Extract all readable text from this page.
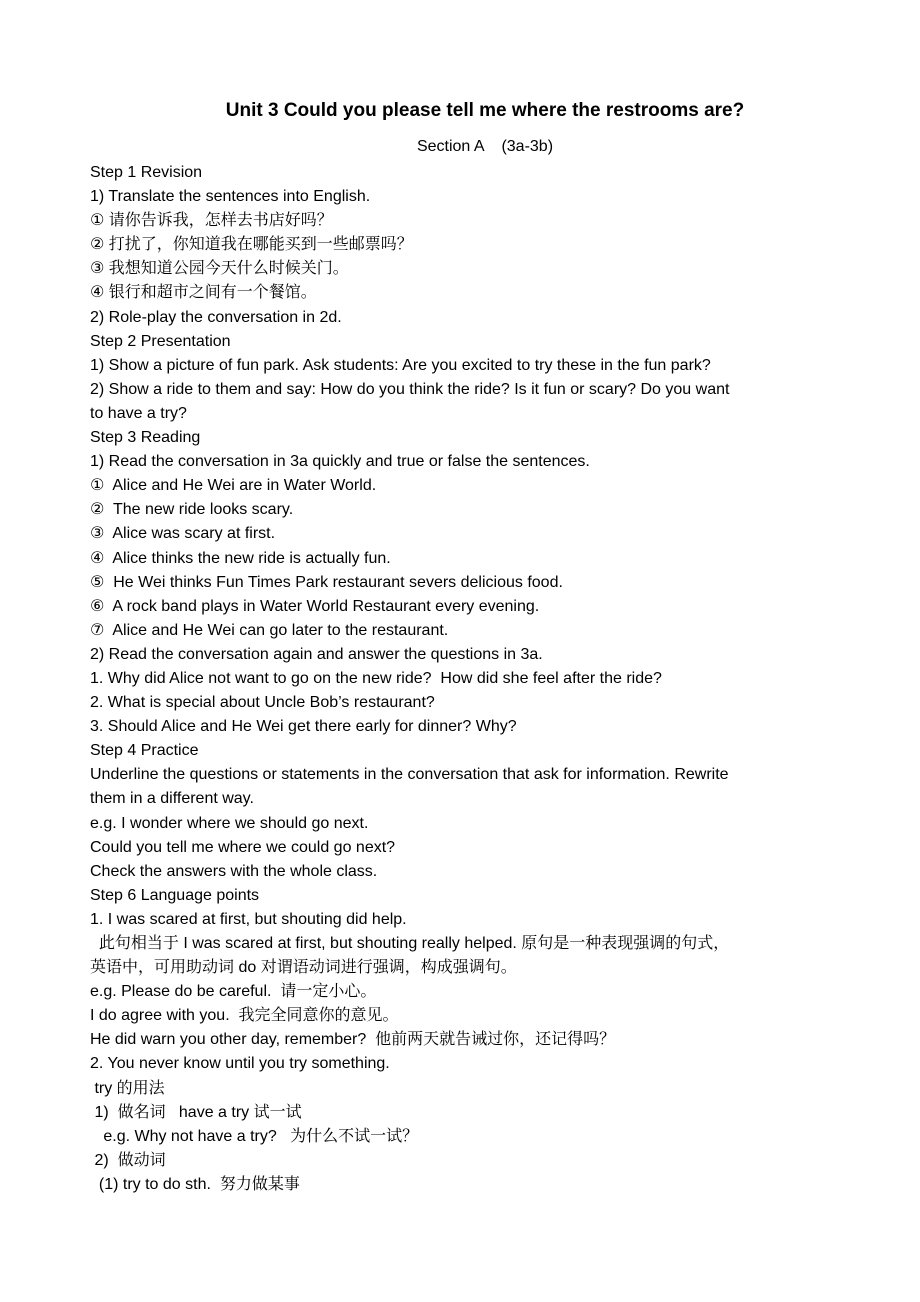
Unit 3 Could you please tell me where the restrooms are?
Section A    (3a-3b)
Step 1 Revision
1) Translate the sentences into English.
① 请你告诉我，怎样去书店好吗？
② 打扰了，你知道我在哪能买到一些邮票吗？
③ 我想知道公园今天什么时候关门。
④ 银行和超市之间有一个餐馆。
2) Role-play the conversation in 2d.
Step 2 Presentation
1) Show a picture of fun park. Ask students: Are you excited to try these in the fun park?
2) Show a ride to them and say: How do you think the ride? Is it fun or scary? Do you want
to have a try?
Step 3 Reading
1) Read the conversation in 3a quickly and true or false the sentences.
①  Alice and He Wei are in Water World.
②  The new ride looks scary.
③  Alice was scary at first.
④  Alice thinks the new ride is actually fun.
⑤  He Wei thinks Fun Times Park restaurant severs delicious food.
⑥  A rock band plays in Water World Restaurant every evening.
⑦  Alice and He Wei can go later to the restaurant.
2) Read the conversation again and answer the questions in 3a.
1. Why did Alice not want to go on the new ride?  How did she feel after the ride?
2. What is special about Uncle Bob’s restaurant?
3. Should Alice and He Wei get there early for dinner? Why?
Step 4 Practice
Underline the questions or statements in the conversation that ask for information. Rewrite
them in a different way.
e.g. I wonder where we should go next.
Could you tell me where we could go next?
Check the answers with the whole class.
Step 6 Language points
1. I was scared at first, but shouting did help.
此句相当于 I was scared at first, but shouting really helped. 原句是一种表现强调的句式，
英语中，可用助动词 do 对谓语动词进行强调，构成强调句。
e.g. Please do be careful.  请一定小心。
I do agree with you.  我完全同意你的意见。
He did warn you other day, remember?  他前两天就告诫过你，还记得吗？
2. You never know until you try something.
try 的用法
1)  做名词   have a try 试一试
e.g. Why not have a try?   为什么不试一试？
2)  做动词
(1) try to do sth.  努力做某事
